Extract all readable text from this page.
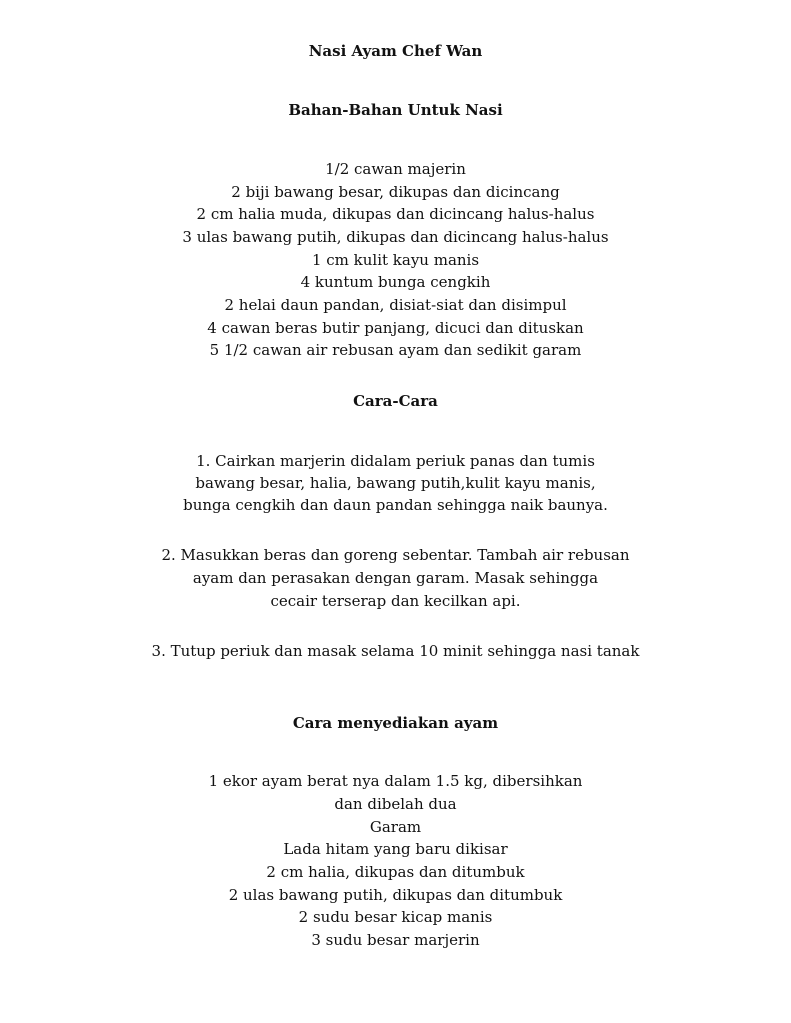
Nasi Ayam Chef Wan
Bahan-Bahan Untuk Nasi
1/2 cawan majerin
2 biji bawang besar, dikupas dan dicincang
2 cm halia muda, dikupas dan dicincang halus-halus
3 ulas bawang putih, dikupas dan dicincang halus-halus
1 cm kulit kayu manis
4 kuntum bunga cengkih
2 helai daun pandan, disiat-siat dan disimpul
4 cawan beras butir panjang, dicuci dan dituskan
5 1/2 cawan air rebusan ayam dan sedikit garam
Cara-Cara
1. Cairkan marjerin didalam periuk panas dan tumis
bawang besar, halia, bawang putih,kulit kayu manis,
bunga cengkih dan daun pandan sehingga naik baunya.
2. Masukkan beras dan goreng sebentar. Tambah air rebusan
ayam dan perasakan dengan garam. Masak sehingga
cecair terserap dan kecilkan api.
3. Tutup periuk dan masak selama 10 minit sehingga nasi tanak
Cara menyediakan ayam
1 ekor ayam berat nya dalam 1.5 kg, dibersihkan
dan dibelah dua
Garam
Lada hitam yang baru dikisar
2 cm halia, dikupas dan ditumbuk
2 ulas bawang putih, dikupas dan ditumbuk
2 sudu besar kicap manis
3 sudu besar marjerin
